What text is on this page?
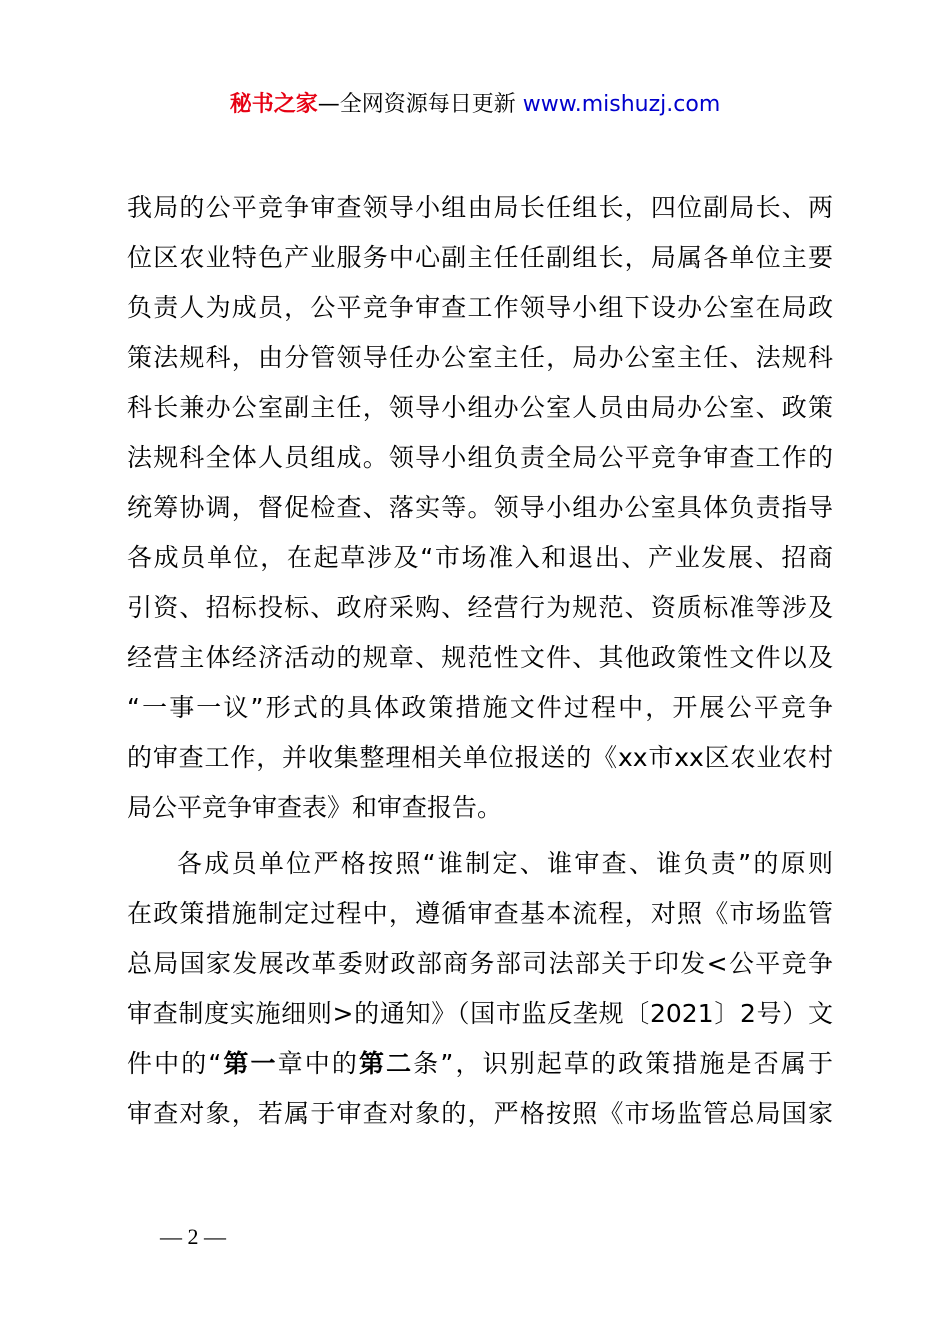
秘书之家—全网资源每日更新 www.mishuzj.com
我局的公平竞争审查领导小组由局长任组长，四位副局长、两
位区农业特色产业服务中心副主任任副组长，局属各单位主要
负责人为成员，公平竞争审查工作领导小组下设办公室在局政
策法规科，由分管领导任办公室主任，局办公室主任、法规科
科长兼办公室副主任，领导小组办公室人员由局办公室、政策
法规科全体人员组成。领导小组负责全局公平竞争审查工作的
统筹协调，督促检查、落实等。领导小组办公室具体负责指导
各成员单位，在起草涉及“市场准入和退出、产业发展、招商
引资、招标投标、政府采购、经营行为规范、资质标准等涉及
经营主体经济活动的规章、规范性文件、其他政策性文件以及
“一事一议”形式的具体政策措施文件过程中，开展公平竞争
的审查工作，并收集整理相关单位报送的《xx市xx区农业农村
局公平竞争审查表》和审查报告。
各成员单位严格按照“谁制定、谁审查、谁负责”的原则
在政策措施制定过程中，遵循审查基本流程，对照《市场监管
总局国家发展改革委财政部商务部司法部关于印发<公平竞争
审查制度实施细则>的通知》（国市监反垄规〔2021〕2号）文
件中的“第一章中的第二条”，识别起草的政策措施是否属于
审查对象，若属于审查对象的，严格按照《市场监管总局国家
— 2 —
